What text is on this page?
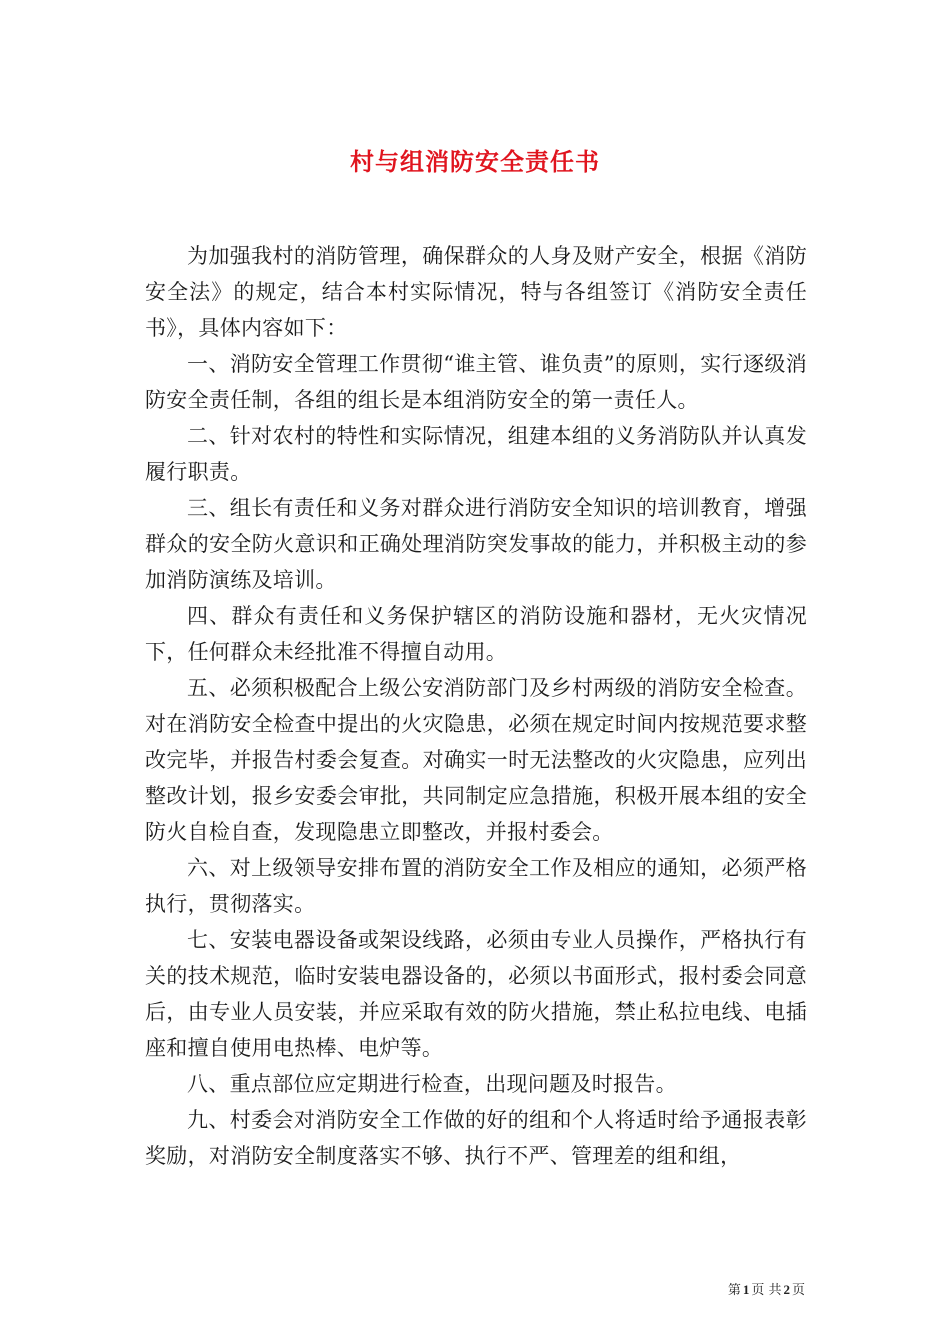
村与组消防安全责任书

为加强我村的消防管理，确保群众的人身及财产安全，根据《消防安全法》的规定，结合本村实际情况，特与各组签订《消防安全责任书》，具体内容如下：

一、消防安全管理工作贯彻“谁主管、谁负责”的原则，实行逐级消防安全责任制，各组的组长是本组消防安全的第一责任人。

二、针对农村的特性和实际情况，组建本组的义务消防队并认真发履行职责。

三、组长有责任和义务对群众进行消防安全知识的培训教育，增强群众的安全防火意识和正确处理消防突发事故的能力，并积极主动的参加消防演练及培训。

四、群众有责任和义务保护辖区的消防设施和器材，无火灾情况下，任何群众未经批准不得擅自动用。

五、必须积极配合上级公安消防部门及乡村两级的消防安全检查。对在消防安全检查中提出的火灾隐患，必须在规定时间内按规范要求整改完毕，并报告村委会复查。对确实一时无法整改的火灾隐患，应列出整改计划，报乡安委会审批，共同制定应急措施，积极开展本组的安全防火自检自查，发现隐患立即整改，并报村委会。

六、对上级领导安排布置的消防安全工作及相应的通知，必须严格执行，贯彻落实。

七、安装电器设备或架设线路，必须由专业人员操作，严格执行有关的技术规范，临时安装电器设备的，必须以书面形式，报村委会同意后，由专业人员安装，并应采取有效的防火措施，禁止私拉电线、电插座和擅自使用电热棒、电炉等。

八、重点部位应定期进行检查，出现问题及时报告。

九、村委会对消防安全工作做的好的组和个人将适时给予通报表彰奖励，对消防安全制度落实不够、执行不严、管理差的组和组，

第 1 页 共 2 页
